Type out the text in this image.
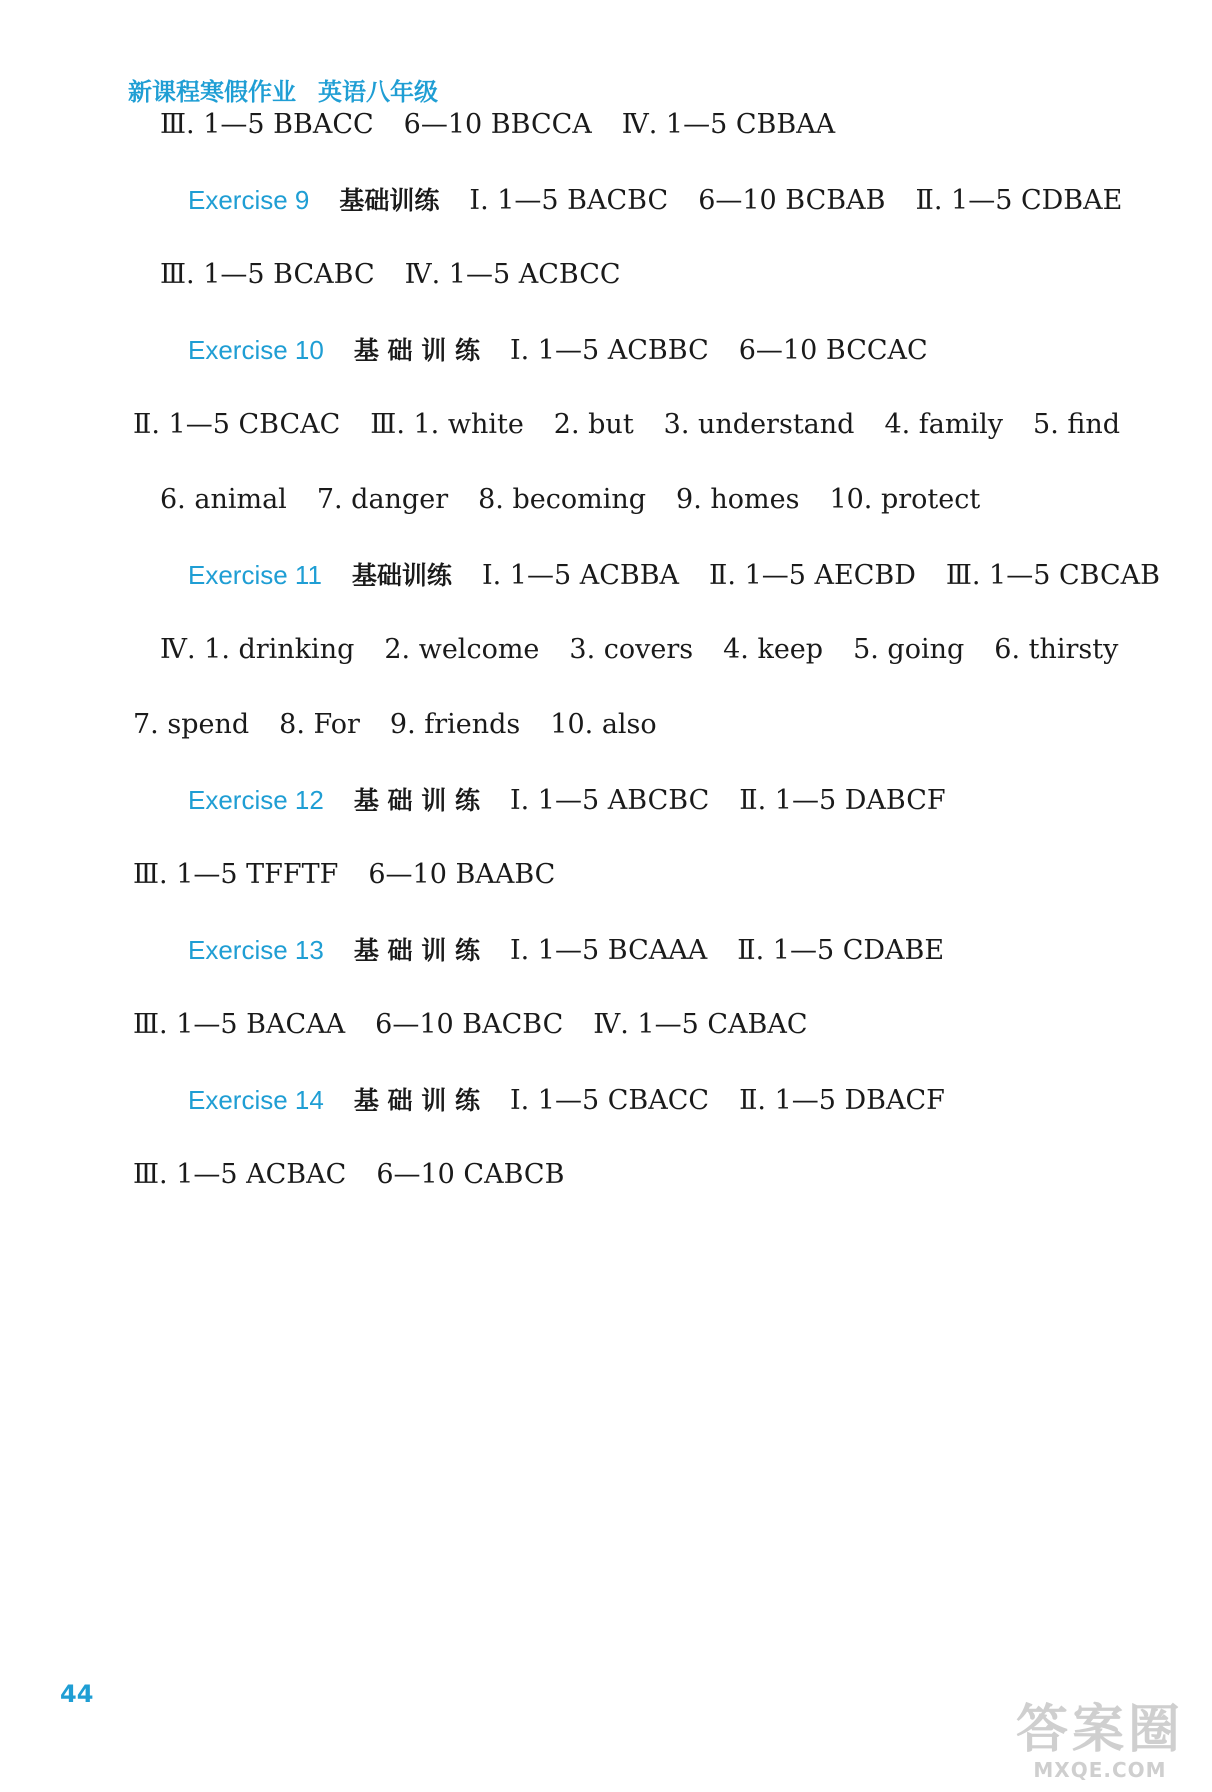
新课程寒假作业 英语八年级
Ⅲ. 1—5 BBACC 6—10 BBCCA Ⅳ. 1—5 CBBAA
Exercise 9 基础训练 Ⅰ. 1—5 BACBC 6—10 BCBAB Ⅱ. 1—5 CDBAE
Ⅲ. 1—5 BCABC Ⅳ. 1—5 ACBCC
Exercise 10 基 础 训 练 Ⅰ. 1—5 ACBBC 6—10 BCCAC
Ⅱ. 1—5 CBCAC Ⅲ. 1. white 2. but 3. understand 4. family 5. find
6. animal 7. danger 8. becoming 9. homes 10. protect
Exercise 11 基础训练 Ⅰ. 1—5 ACBBA Ⅱ. 1—5 AECBD Ⅲ. 1—5 CBCAB
Ⅳ. 1. drinking 2. welcome 3. covers 4. keep 5. going 6. thirsty
7. spend 8. For 9. friends 10. also
Exercise 12 基 础 训 练 Ⅰ. 1—5 ABCBC Ⅱ. 1—5 DABCF
Ⅲ. 1—5 TFFTF 6—10 BAABC
Exercise 13 基 础 训 练 Ⅰ. 1—5 BCAAA Ⅱ. 1—5 CDABE
Ⅲ. 1—5 BACAA 6—10 BACBC Ⅳ. 1—5 CABAC
Exercise 14 基 础 训 练 Ⅰ. 1—5 CBACC Ⅱ. 1—5 DBACF
Ⅲ. 1—5 ACBAC 6—10 CABCB
44
答案圈
MXQE.COM
